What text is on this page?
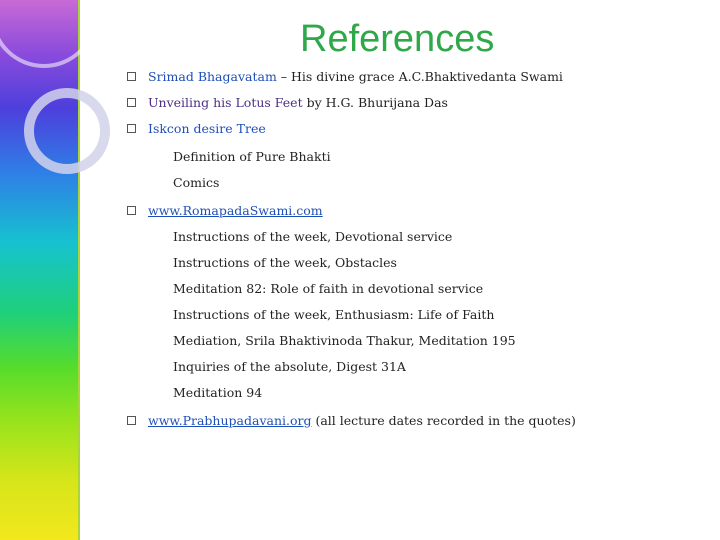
References
Srimad Bhagavatam – His divine grace A.C.Bhaktivedanta Swami
Unveiling his Lotus Feet by H.G. Bhurijana Das
Iskcon desire Tree
Definition of Pure Bhakti
Comics
www.RomapadaSwami.com
Instructions of the week, Devotional service
Instructions of the week, Obstacles
Meditation 82: Role of faith in devotional service
Instructions of the week, Enthusiasm: Life of Faith
Mediation, Srila Bhaktivinoda Thakur, Meditation 195
Inquiries of the absolute, Digest 31A
Meditation 94
www.Prabhupadavani.org (all lecture dates recorded in the quotes)
